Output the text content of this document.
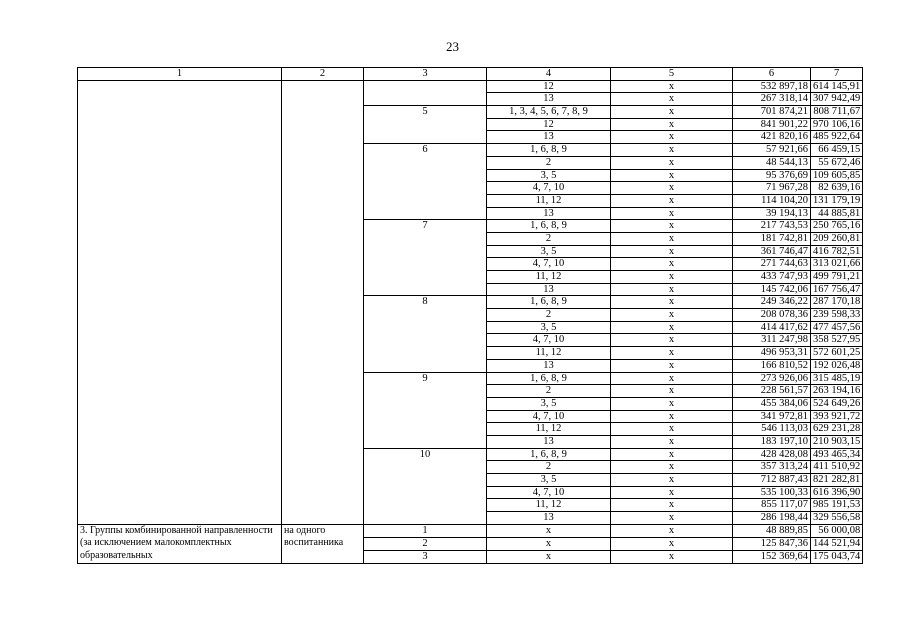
23
1	2	3	4	5	6	7
			12	x	532 897,18	614 145,91
			13	x	267 318,14	307 942,49
		5	1, 3, 4, 5, 6, 7, 8, 9	x	701 874,21	808 711,67
			12	x	841 901,22	970 106,16
			13	x	421 820,16	485 922,64
		6	1, 6, 8, 9	x	57 921,66	66 459,15
			2	x	48 544,13	55 672,46
			3, 5	x	95 376,69	109 605,85
			4, 7, 10	x	71 967,28	82 639,16
			11, 12	x	114 104,20	131 179,19
			13	x	39 194,13	44 885,81
		7	1, 6, 8, 9	x	217 743,53	250 765,16
			2	x	181 742,81	209 260,81
			3, 5	x	361 746,47	416 782,51
			4, 7, 10	x	271 744,63	313 021,66
			11, 12	x	433 747,93	499 791,21
			13	x	145 742,06	167 756,47
		8	1, 6, 8, 9	x	249 346,22	287 170,18
			2	x	208 078,36	239 598,33
			3, 5	x	414 417,62	477 457,56
			4, 7, 10	x	311 247,98	358 527,95
			11, 12	x	496 953,31	572 601,25
			13	x	166 810,52	192 026,48
		9	1, 6, 8, 9	x	273 926,06	315 485,19
			2	x	228 561,57	263 194,16
			3, 5	x	455 384,06	524 649,26
			4, 7, 10	x	341 972,81	393 921,72
			11, 12	x	546 113,03	629 231,28
			13	x	183 197,10	210 903,15
		10	1, 6, 8, 9	x	428 428,08	493 465,34
			2	x	357 313,24	411 510,92
			3, 5	x	712 887,43	821 282,81
			4, 7, 10	x	535 100,33	616 396,90
			11, 12	x	855 117,07	985 191,53
			13	x	286 198,44	329 556,58

3. Группы комбинированной направленности (за исключением малокомплектных образовательных	на одного воспитанника	1	x	x	48 889,85	56 000,08
		2	x	x	125 847,36	144 521,94
		3	x	x	152 369,64	175 043,74
